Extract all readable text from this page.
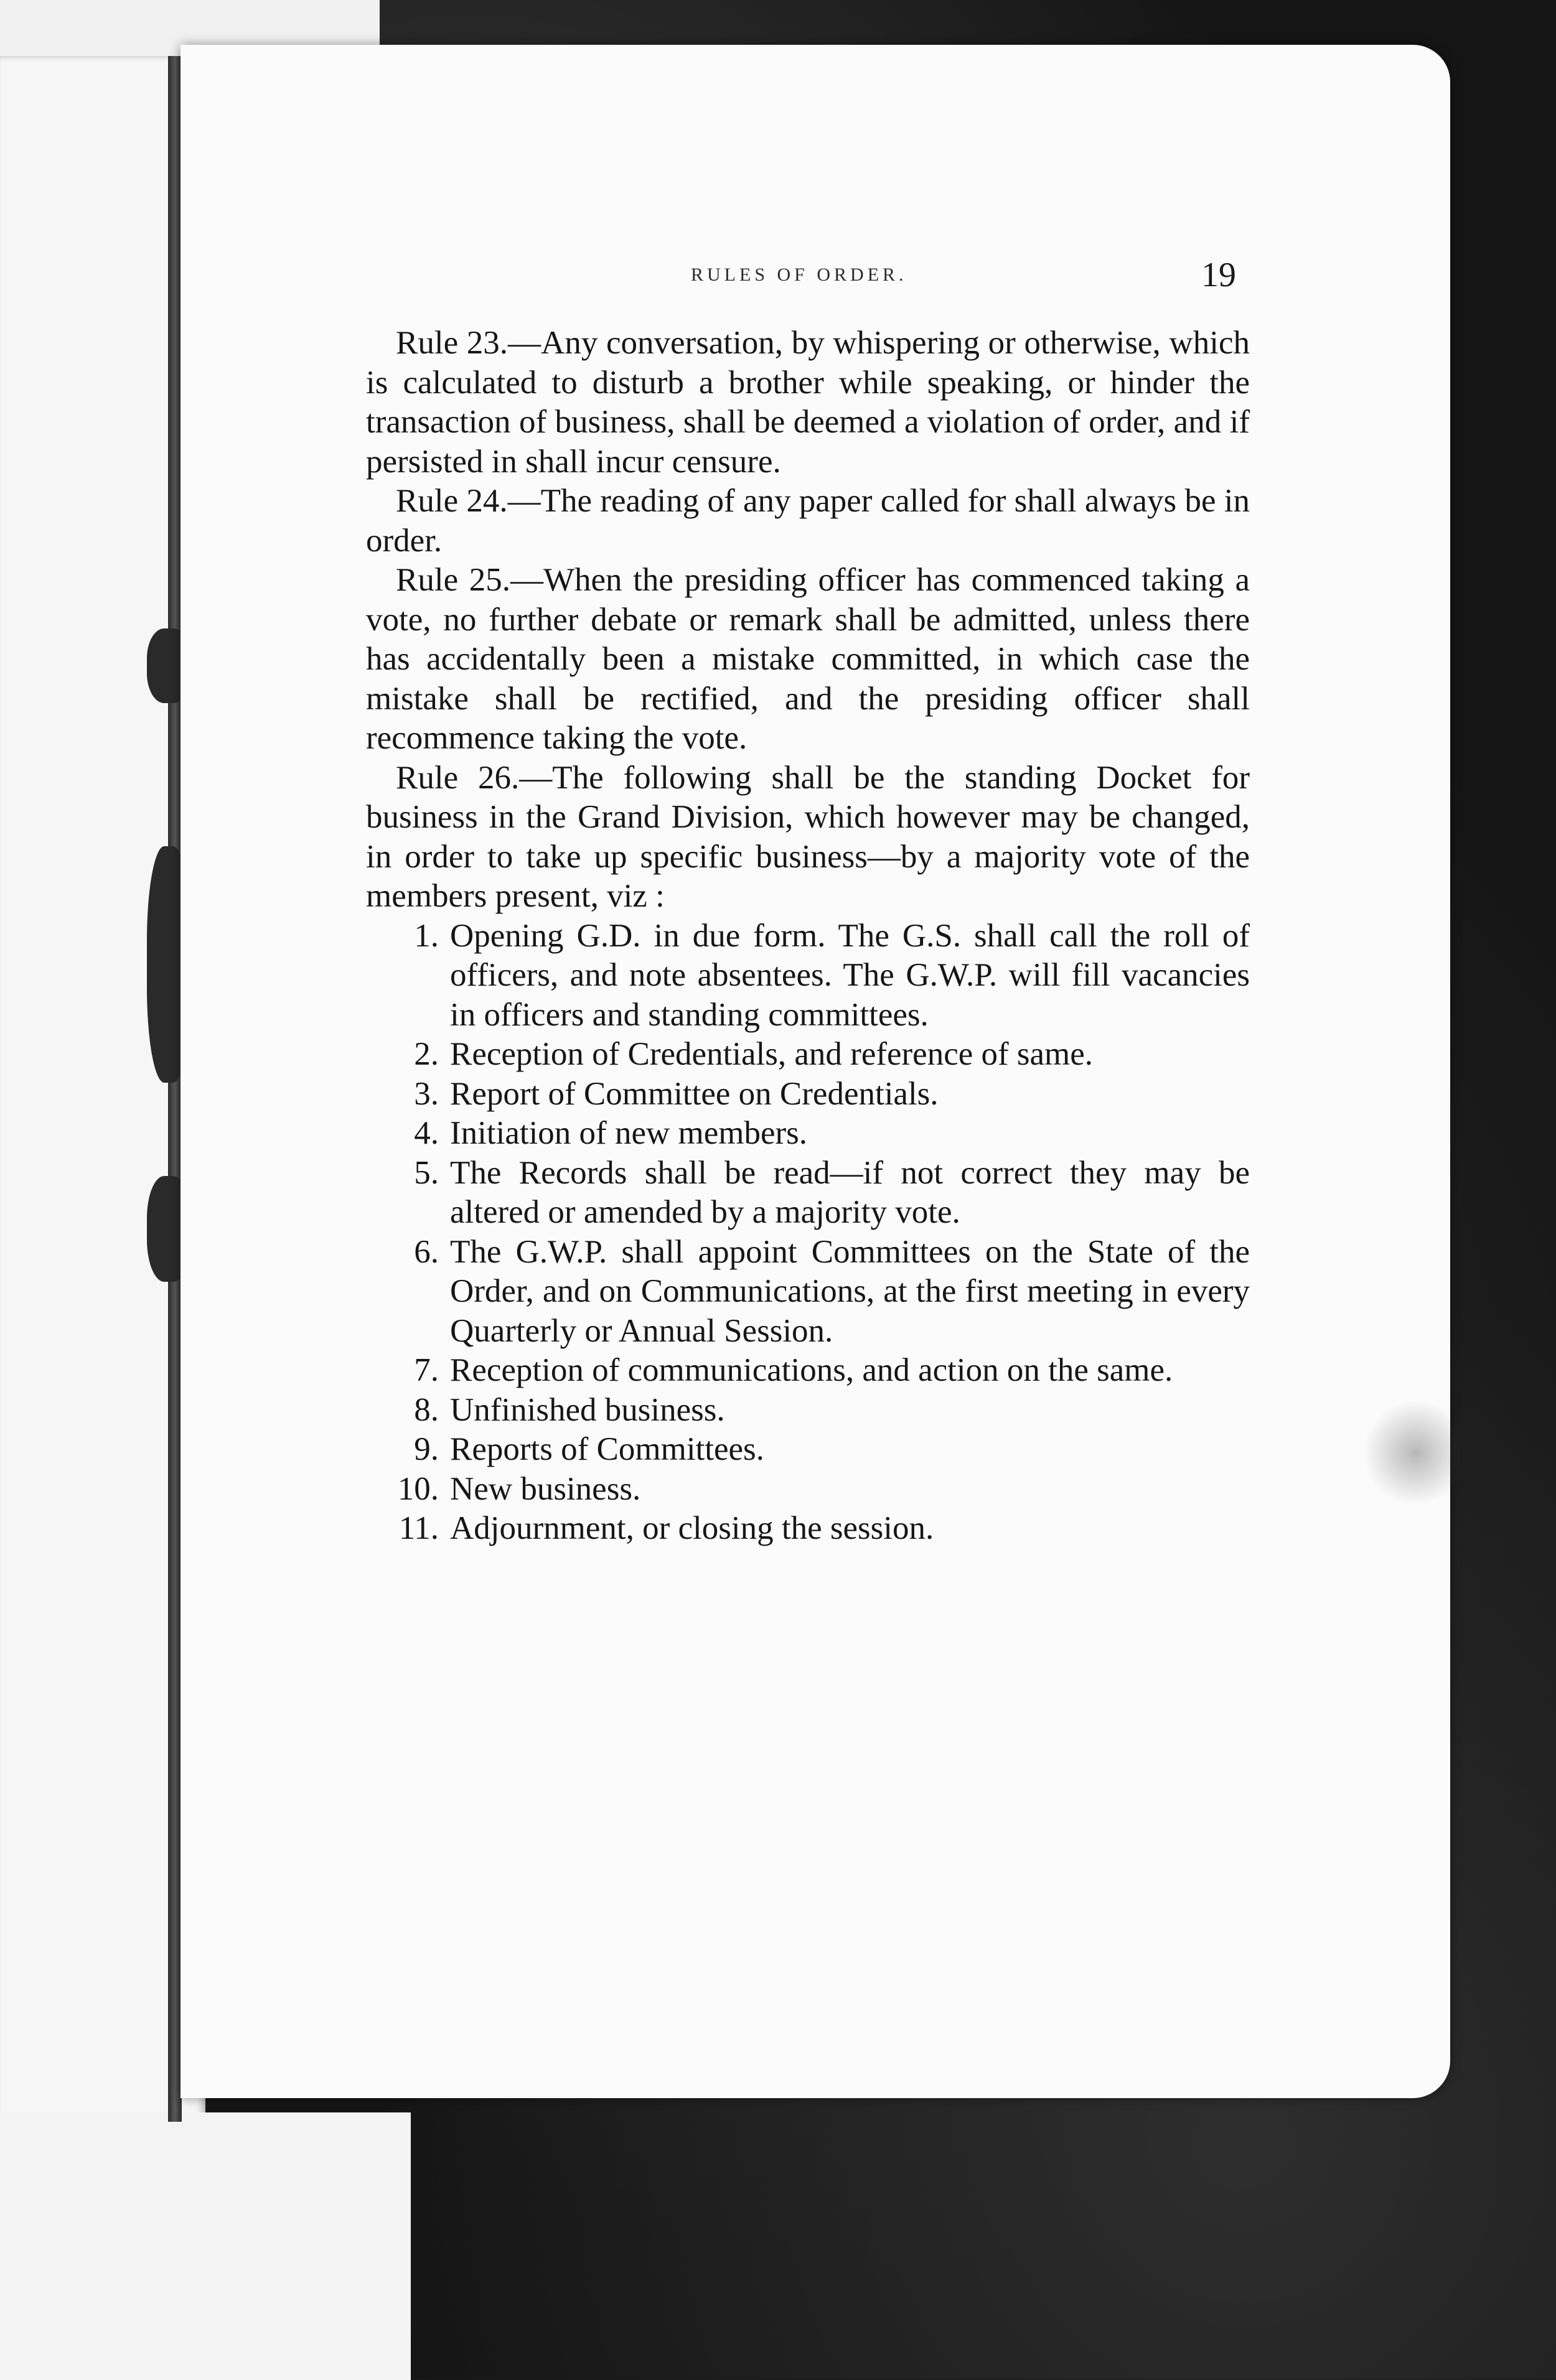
RULES OF ORDER.	19

Rule 23.—Any conversation, by whispering or otherwise, which is calculated to disturb a brother while speaking, or hinder the transaction of business, shall be deemed a violation of order, and if persisted in shall incur censure.

Rule 24.—The reading of any paper called for shall always be in order.

Rule 25.—When the presiding officer has commenced taking a vote, no further debate or remark shall be admitted, unless there has accidentally been a mistake committed, in which case the mistake shall be rectified, and the presiding officer shall recommence taking the vote.

Rule 26.—The following shall be the standing Docket for business in the Grand Division, which however may be changed, in order to take up specific business—by a majority vote of the members present, viz :

1. Opening G.D. in due form. The G.S. shall call the roll of officers, and note absentees. The G.W.P. will fill vacancies in officers and standing committees.
2. Reception of Credentials, and reference of same.
3. Report of Committee on Credentials.
4. Initiation of new members.
5. The Records shall be read—if not correct they may be altered or amended by a majority vote.
6. The G.W.P. shall appoint Committees on the State of the Order, and on Communications, at the first meeting in every Quarterly or Annual Session.
7. Reception of communications, and action on the same.
8. Unfinished business.
9. Reports of Committees.
10. New business.
11. Adjournment, or closing the session.
